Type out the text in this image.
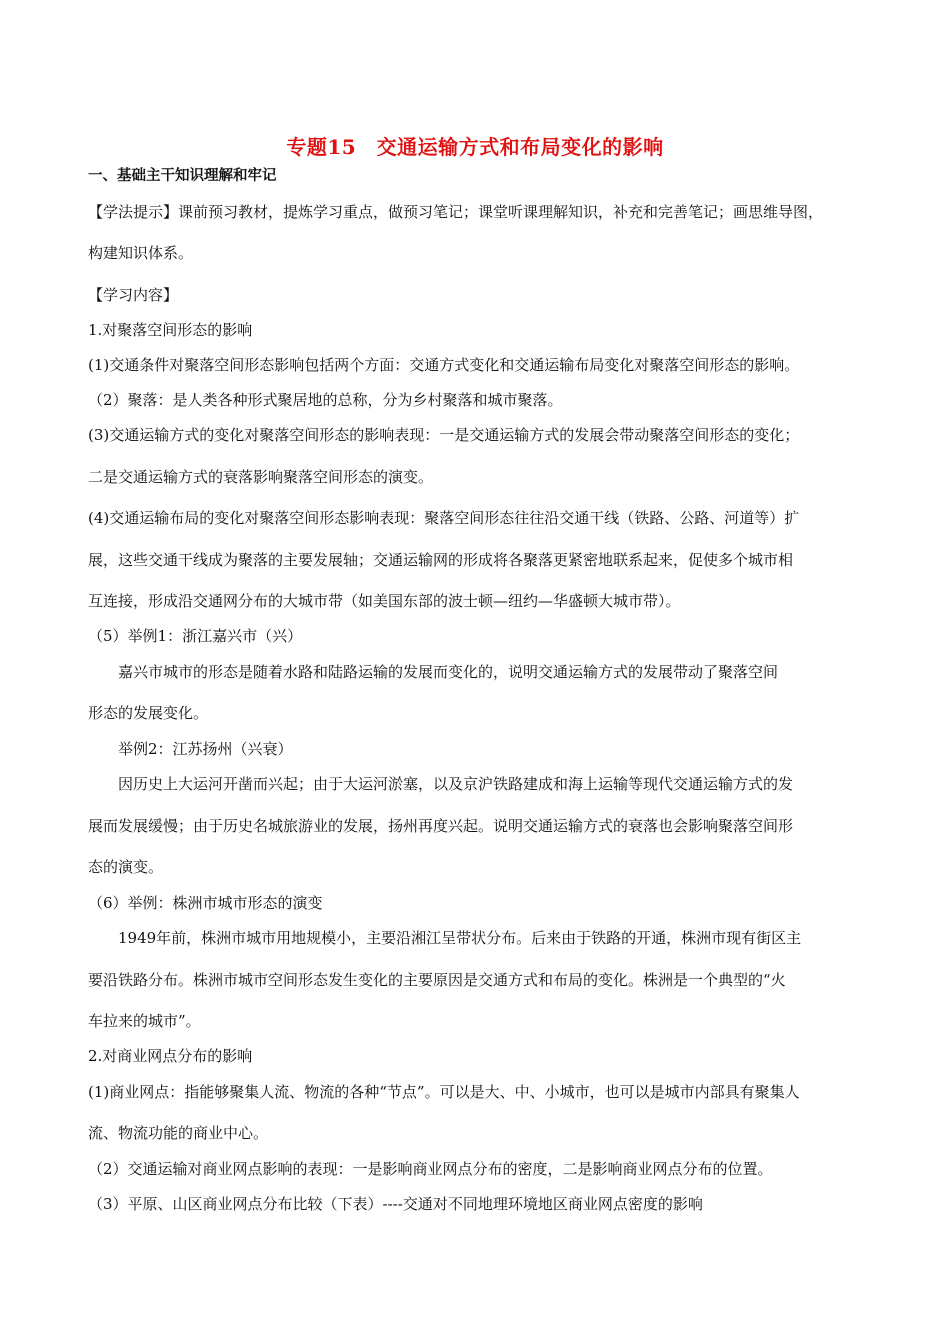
专题15　交通运输方式和布局变化的影响
一、基础主干知识理解和牢记
【学法提示】课前预习教材，提炼学习重点，做预习笔记；课堂听课理解知识，补充和完善笔记；画思维导图，
构建知识体系。
【学习内容】
1.对聚落空间形态的影响
(1)交通条件对聚落空间形态影响包括两个方面：交通方式变化和交通运输布局变化对聚落空间形态的影响。
（2）聚落：是人类各种形式聚居地的总称，分为乡村聚落和城市聚落。
(3)交通运输方式的变化对聚落空间形态的影响表现：一是交通运输方式的发展会带动聚落空间形态的变化；
二是交通运输方式的衰落影响聚落空间形态的演变。
(4)交通运输布局的变化对聚落空间形态影响表现：聚落空间形态往往沿交通干线（铁路、公路、河道等）扩
展，这些交通干线成为聚落的主要发展轴；交通运输网的形成将各聚落更紧密地联系起来，促使多个城市相
互连接，形成沿交通网分布的大城市带（如美国东部的波士顿—纽约—华盛顿大城市带）。
（5）举例1：浙江嘉兴市（兴）
嘉兴市城市的形态是随着水路和陆路运输的发展而变化的，说明交通运输方式的发展带动了聚落空间
形态的发展变化。
举例2：江苏扬州（兴衰）
因历史上大运河开凿而兴起；由于大运河淤塞，以及京沪铁路建成和海上运输等现代交通运输方式的发
展而发展缓慢；由于历史名城旅游业的发展，扬州再度兴起。说明交通运输方式的衰落也会影响聚落空间形
态的演变。
（6）举例：株洲市城市形态的演变
1949年前，株洲市城市用地规模小，主要沿湘江呈带状分布。后来由于铁路的开通，株洲市现有街区主
要沿铁路分布。株洲市城市空间形态发生变化的主要原因是交通方式和布局的变化。株洲是一个典型的“火
车拉来的城市”。
2.对商业网点分布的影响
(1)商业网点：指能够聚集人流、物流的各种“节点”。可以是大、中、小城市，也可以是城市内部具有聚集人
流、物流功能的商业中心。
（2）交通运输对商业网点影响的表现：一是影响商业网点分布的密度，二是影响商业网点分布的位置。
（3）平原、山区商业网点分布比较（下表）----交通对不同地理环境地区商业网点密度的影响
